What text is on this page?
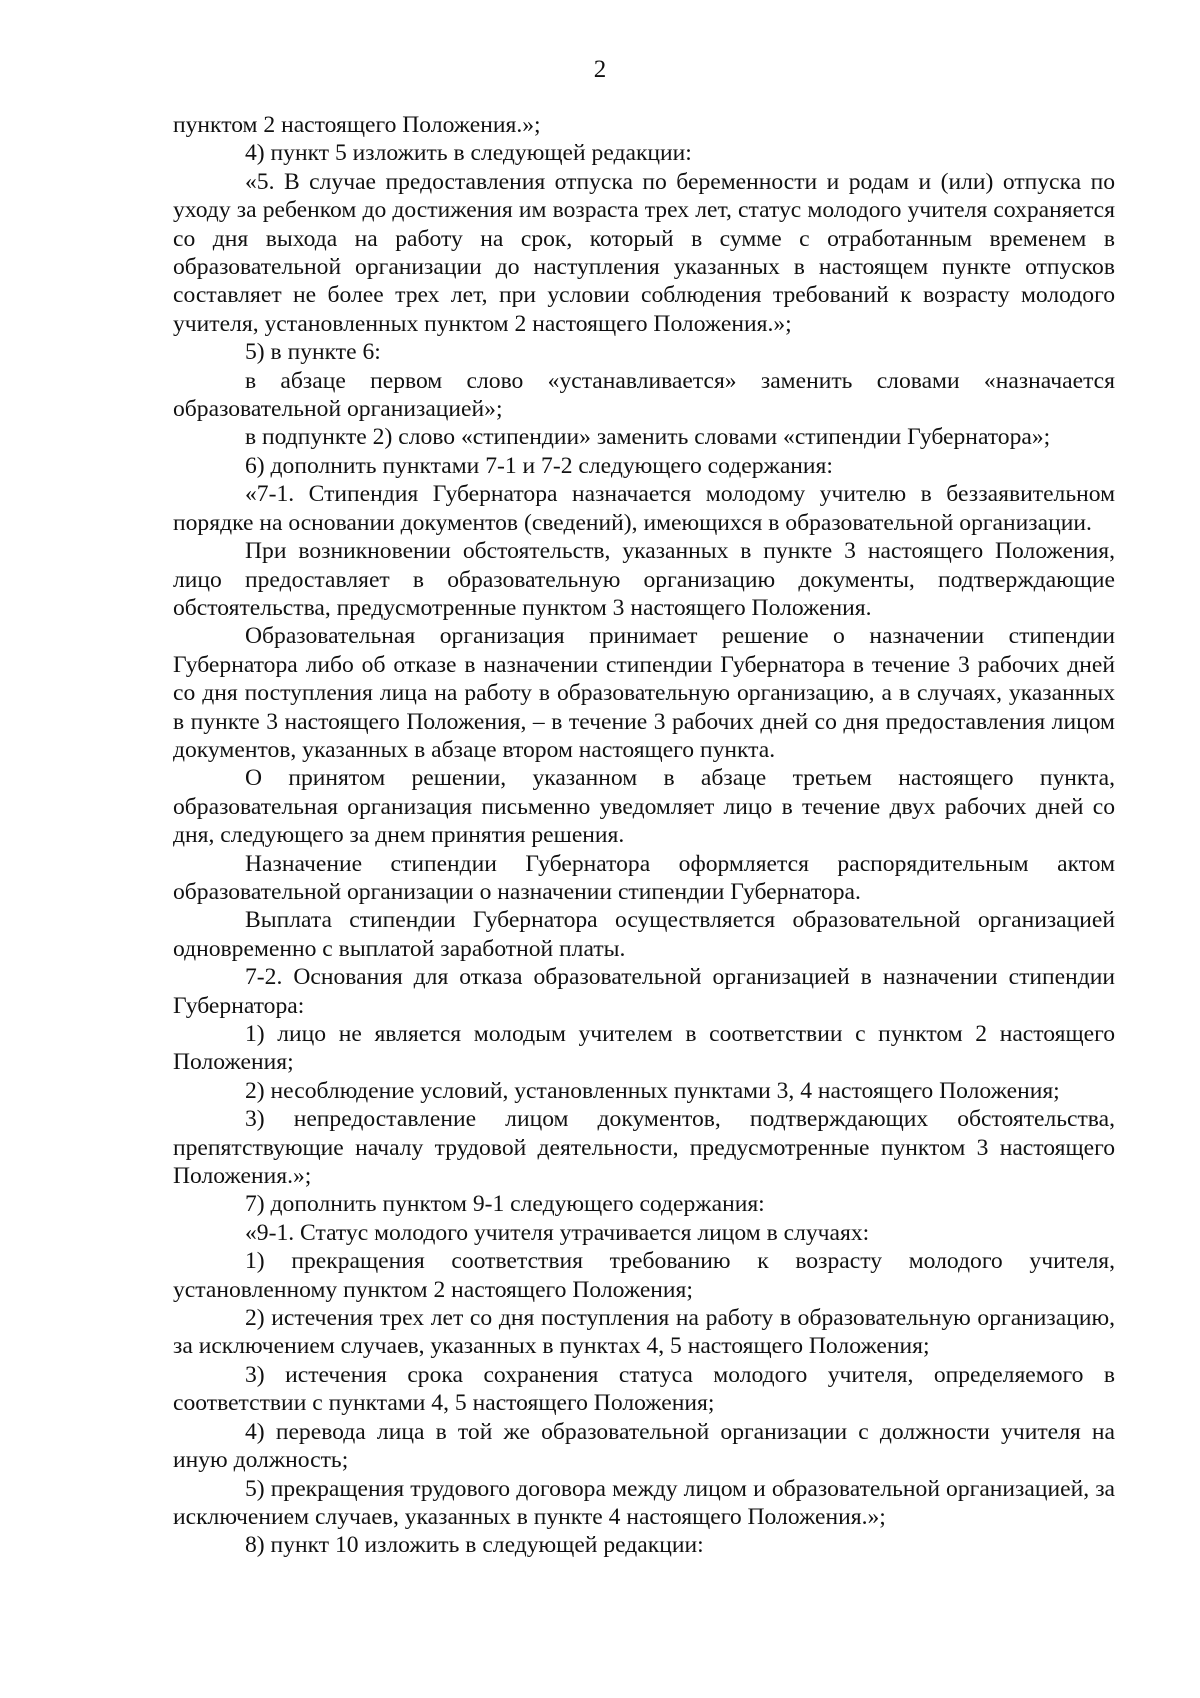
2

пунктом 2 настоящего Положения.»;

4) пункт 5 изложить в следующей редакции:

«5. В случае предоставления отпуска по беременности и родам и (или) отпуска по уходу за ребенком до достижения им возраста трех лет, статус молодого учителя сохраняется со дня выхода на работу на срок, который в сумме с отработанным временем в образовательной организации до наступления указанных в настоящем пункте отпусков составляет не более трех лет, при условии соблюдения требований к возрасту молодого учителя, установленных пунктом 2 настоящего Положения.»;

5) в пункте 6:

в абзаце первом слово «устанавливается» заменить словами «назначается образовательной организацией»;

в подпункте 2) слово «стипендии» заменить словами «стипендии Губернатора»;

6) дополнить пунктами 7-1 и 7-2 следующего содержания:

«7-1. Стипендия Губернатора назначается молодому учителю в беззаявительном порядке на основании документов (сведений), имеющихся в образовательной организации.

При возникновении обстоятельств, указанных в пункте 3 настоящего Положения, лицо предоставляет в образовательную организацию документы, подтверждающие обстоятельства, предусмотренные пунктом 3 настоящего Положения.

Образовательная организация принимает решение о назначении стипендии Губернатора либо об отказе в назначении стипендии Губернатора в течение 3 рабочих дней со дня поступления лица на работу в образовательную организацию, а в случаях, указанных в пункте 3 настоящего Положения, – в течение 3 рабочих дней со дня предоставления лицом документов, указанных в абзаце втором настоящего пункта.

О принятом решении, указанном в абзаце третьем настоящего пункта, образовательная организация письменно уведомляет лицо в течение двух рабочих дней со дня, следующего за днем принятия решения.

Назначение стипендии Губернатора оформляется распорядительным актом образовательной организации о назначении стипендии Губернатора.

Выплата стипендии Губернатора осуществляется образовательной организацией одновременно с выплатой заработной платы.

7-2. Основания для отказа образовательной организацией в назначении стипендии Губернатора:

1) лицо не является молодым учителем в соответствии с пунктом 2 настоящего Положения;

2) несоблюдение условий, установленных пунктами 3, 4 настоящего Положения;

3) непредоставление лицом документов, подтверждающих обстоятельства, препятствующие началу трудовой деятельности, предусмотренные пунктом 3 настоящего Положения.»;

7) дополнить пунктом 9-1 следующего содержания:

«9-1. Статус молодого учителя утрачивается лицом в случаях:

1) прекращения соответствия требованию к возрасту молодого учителя, установленному пунктом 2 настоящего Положения;

2) истечения трех лет со дня поступления на работу в образовательную организацию, за исключением случаев, указанных в пунктах 4, 5 настоящего Положения;

3) истечения срока сохранения статуса молодого учителя, определяемого в соответствии с пунктами 4, 5 настоящего Положения;

4) перевода лица в той же образовательной организации с должности учителя на иную должность;

5) прекращения трудового договора между лицом и образовательной организацией, за исключением случаев, указанных в пункте 4 настоящего Положения.»;

8) пункт 10 изложить в следующей редакции:
